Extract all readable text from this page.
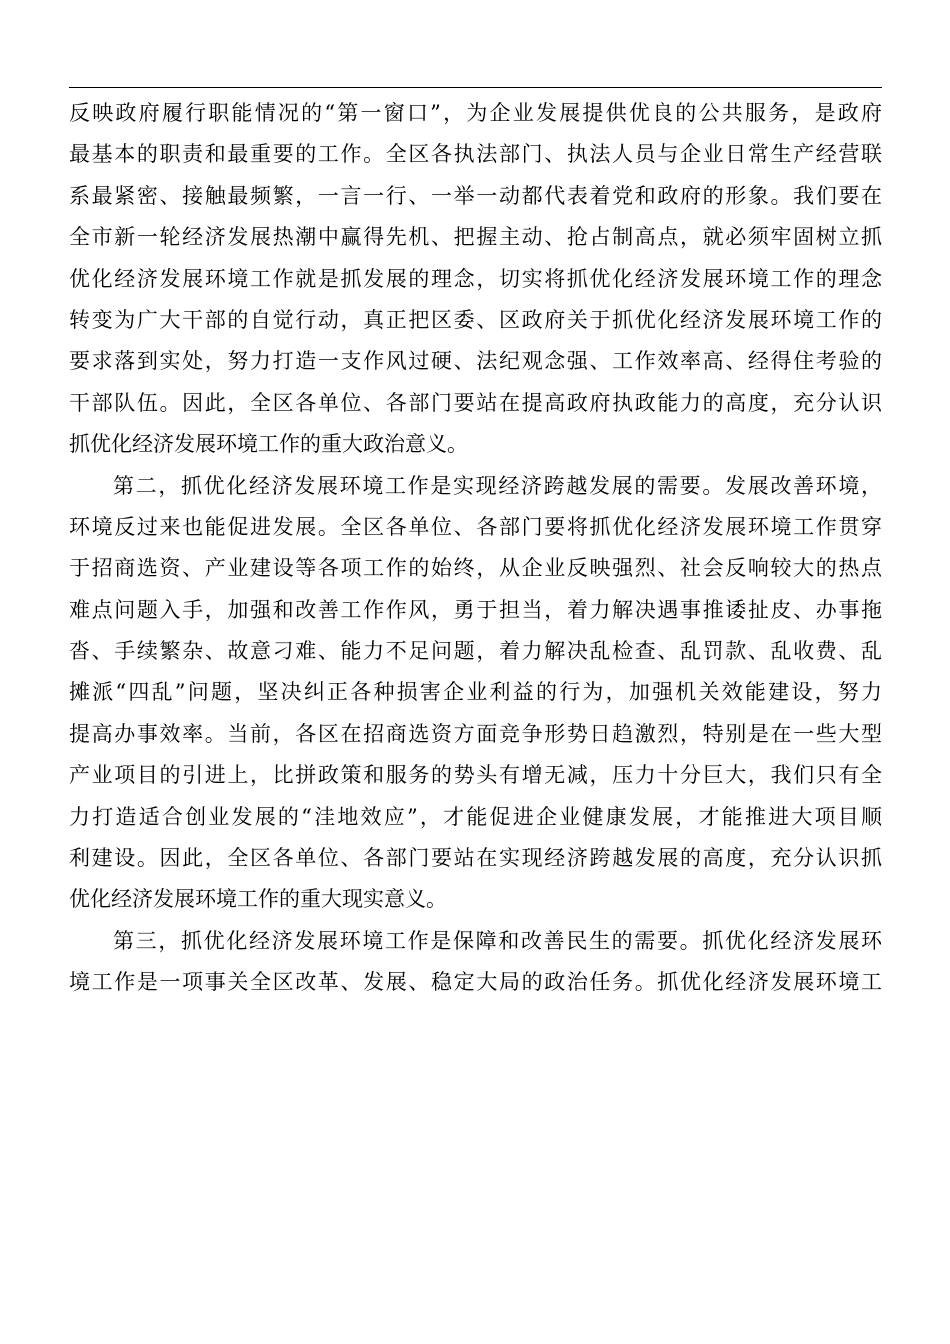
反映政府履行职能情况的“第一窗口”，为企业发展提供优良的公共服务，是政府
最基本的职责和最重要的工作。全区各执法部门、执法人员与企业日常生产经营联
系最紧密、接触最频繁，一言一行、一举一动都代表着党和政府的形象。我们要在
全市新一轮经济发展热潮中赢得先机、把握主动、抢占制高点，就必须牢固树立抓
优化经济发展环境工作就是抓发展的理念，切实将抓优化经济发展环境工作的理念
转变为广大干部的自觉行动，真正把区委、区政府关于抓优化经济发展环境工作的
要求落到实处，努力打造一支作风过硬、法纪观念强、工作效率高、经得住考验的
干部队伍。因此，全区各单位、各部门要站在提高政府执政能力的高度，充分认识
抓优化经济发展环境工作的重大政治意义。
第二，抓优化经济发展环境工作是实现经济跨越发展的需要。发展改善环境，
环境反过来也能促进发展。全区各单位、各部门要将抓优化经济发展环境工作贯穿
于招商选资、产业建设等各项工作的始终，从企业反映强烈、社会反响较大的热点
难点问题入手，加强和改善工作作风，勇于担当，着力解决遇事推诿扯皮、办事拖
沓、手续繁杂、故意刁难、能力不足问题，着力解决乱检查、乱罚款、乱收费、乱
摊派“四乱”问题，坚决纠正各种损害企业利益的行为，加强机关效能建设，努力
提高办事效率。当前，各区在招商选资方面竞争形势日趋激烈，特别是在一些大型
产业项目的引进上，比拼政策和服务的势头有增无减，压力十分巨大，我们只有全
力打造适合创业发展的“洼地效应”，才能促进企业健康发展，才能推进大项目顺
利建设。因此，全区各单位、各部门要站在实现经济跨越发展的高度，充分认识抓
优化经济发展环境工作的重大现实意义。
第三，抓优化经济发展环境工作是保障和改善民生的需要。抓优化经济发展环
境工作是一项事关全区改革、发展、稳定大局的政治任务。抓优化经济发展环境工
